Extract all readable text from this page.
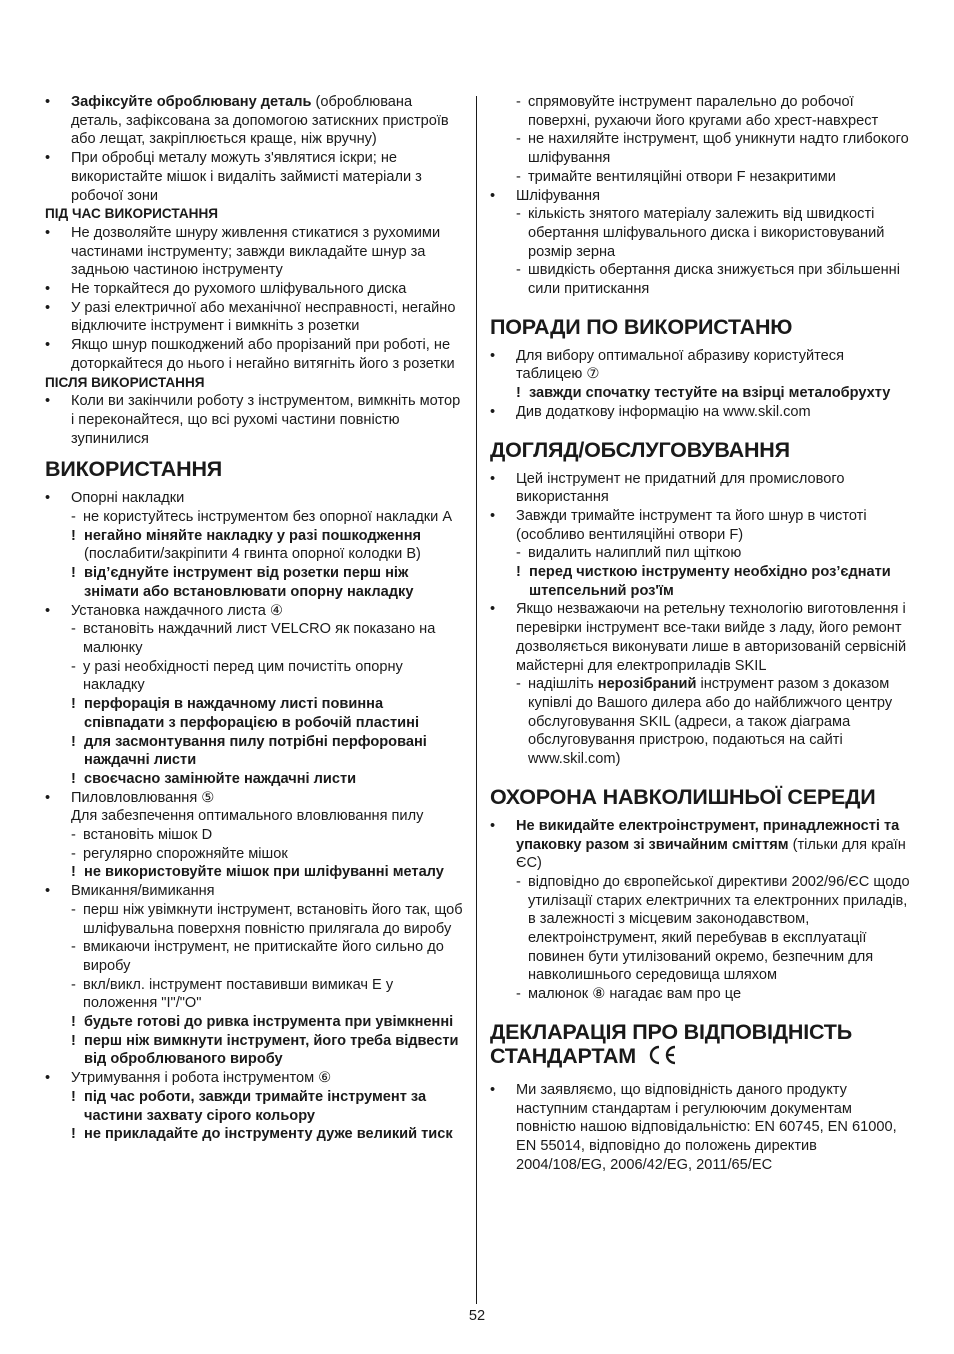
• Зафіксуйте оброблювану деталь (оброблювана деталь, зафіксована за допомогою затискних пристроїв або лещат, закріплюється краще, ніж вручну)
• При обробці металу можуть з'являтися іскри; не використайте мішок і видаліть займисті матеріали з робочої зони
ПІД ЧАС ВИКОРИСТАННЯ
• Не дозволяйте шнуру живлення стикатися з рухомими частинами інструменту; завжди викладайте шнур за задньою частиною інструменту
• Не торкайтеся до рухомого шліфувального диска
• У разі електричної або механічної несправності, негайно відключите інструмент і вимкніть з розетки
• Якщо шнур пошкоджений або прорізаний при роботі, не доторкайтеся до нього і негайно витягніть його з розетки
ПІСЛЯ ВИКОРИСТАННЯ
• Коли ви закінчили роботу з інструментом, вимкніть мотор і переконайтеся, що всі рухомі частини повністю зупинилися
ВИКОРИСТАННЯ
• Опорні накладки
- не користуйтесь інструментом без опорної накладки A
! негайно міняйте накладку у разі пошкодження
(послабити/закріпити 4 гвинта опорної колодки B)
! від’єднуйте інструмент від розетки перш ніж знімати або встановлювати опорну накладку
• Установка наждачного листа ④
- встановіть наждачний лист VELCRO як показано на малюнку
- у разі необхідності перед цим почистіть опорну накладку
! перфорація в наждачному листі повинна співпадати з перфорацією в робочій пластині
! для засмонтування пилу потрібні перфоровані наждачні листи
! своєчасно замінюйте наждачні листи
• Пиловловлювання ⑤
Для забезпечення оптимального вловлювання пилу
- встановіть мішок D
- регулярно спорожняйте мішок
! не використовуйте мішок при шліфуванні металу
• Вмикання/вимикання
- перш ніж увімкнути інструмент, встановіть його так, щоб шліфувальна поверхня повністю прилягала до виробу
- вмикаючи інструмент, не притискайте його сильно до виробу
- вкл/викл. інструмент поставивши вимикач E у положення "I"/"O"
! будьте готові до ривка інструмента при увімкненні
! перш ніж вимкнути інструмент, його треба відвести від оброблюваного виробу
• Утримування і робота інструментом ⑥
! під час роботи, завжди тримайте інструмент за частини захвату сірого кольору
! не прикладайте до інструменту дуже великий тиск
- спрямовуйте інструмент паралельно до робочої поверхні, рухаючи його кругами або хрест-навхрест
- не нахиляйте інструмент, щоб уникнути надто глибокого шліфування
- тримайте вентиляційні отвори F незакритими
• Шліфування
- кількість знятого матеріалу залежить від швидкості обертання шліфувального диска і використовуваний розмір зерна
- швидкість обертання диска знижується при збільшенні сили притискання
ПОРАДИ ПО ВИКОРИСТАНЮ
• Для вибору оптимальної абразиву користуйтеся таблицею ⑦
! завжди спочатку тестуйте на взірці металобрухту
• Див додаткову інформацію на www.skil.com
ДОГЛЯД/ОБСЛУГОВУВАННЯ
• Цей інструмент не придатний для промислового використання
• Завжди тримайте інструмент та його шнур в чистоті (особливо вентиляційні отвори F)
- видалить налиплий пил щіткою
! перед чисткою інструменту необхідно роз’єднати штепсельний роз'їм
• Якщо незважаючи на ретельну технологію виготовлення і перевірки інструмент все-таки вийде з ладу, його ремонт дозволяється виконувати лише в авторизованій сервісній майстерні для електроприладів SKIL
- надішліть нерозібраний інструмент разом з доказом купівлі до Вашого дилера або до найближчого центру обслуговування SKIL (адреси, а також діаграма обслуговування пристрою, подаються на сайті www.skil.com)
ОХОРОНА НАВКОЛИШНЬОЇ СЕРЕДИ
• Не викидайте електроінструмент, принадлежності та упаковку разом зі звичайним сміттям (тільки для країн ЄС)
- відповідно до європейської директиви 2002/96/ЄС щодо утилізації старих електричних та електронних приладів, в залежності з місцевим законодавством, електроінструмент, який перебував в експлуатації повинен бути утилізований окремо, безпечним для навколишнього середовища шляхом
- малюнок ⑧ нагадає вам про це
ДЕКЛАРАЦІЯ ПРО ВІДПОВІДНІСТЬ
СТАНДАРТАМ
• Ми заявляємо, що відповідність даного продукту наступним стандартам і регулюючим документам повністю нашою відповідальністю: EN 60745, EN 61000, EN 55014, відповідно до положень директив 2004/108/EG, 2006/42/EG, 2011/65/EC
52
